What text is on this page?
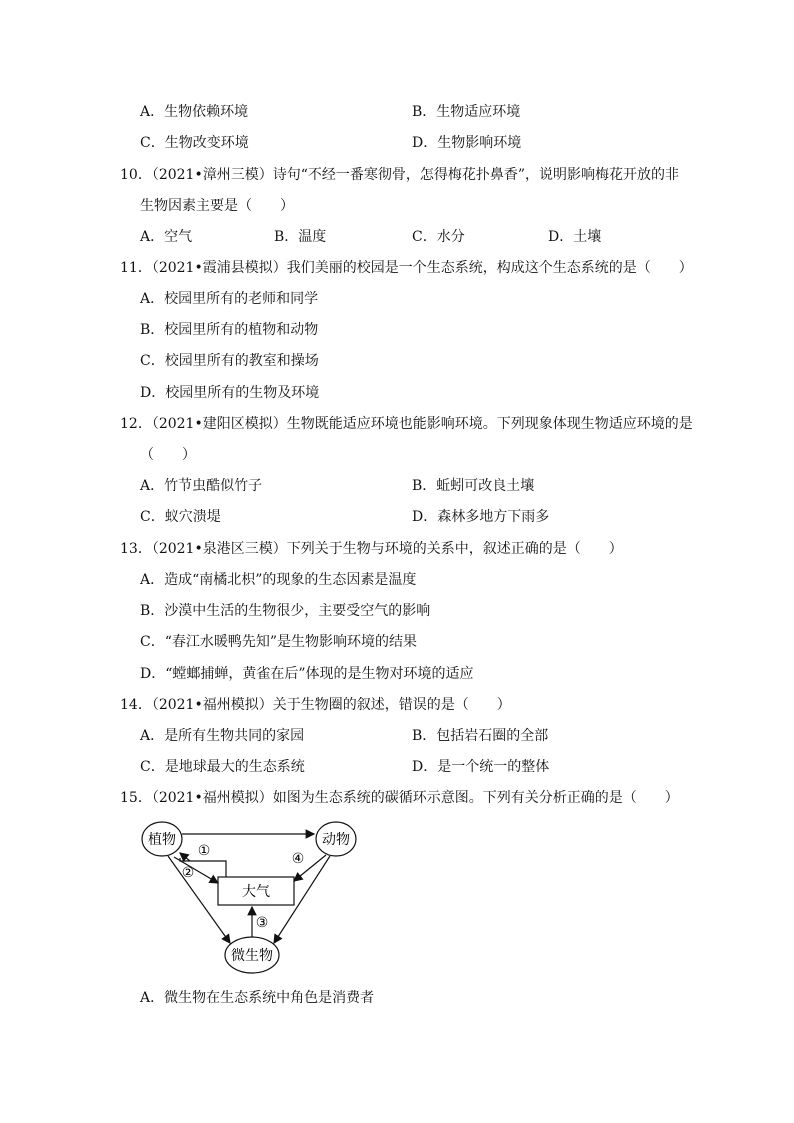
A．生物依赖环境	B．生物适应环境
C．生物改变环境	D．生物影响环境
10．（2021•漳州三模）诗句“不经一番寒彻骨，怎得梅花扑鼻香”，说明影响梅花开放的非
生物因素主要是（　　）
A．空气	B．温度	C．水分	D．土壤
11．（2021•霞浦县模拟）我们美丽的校园是一个生态系统，构成这个生态系统的是（　　）
A．校园里所有的老师和同学
B．校园里所有的植物和动物
C．校园里所有的教室和操场
D．校园里所有的生物及环境
12．（2021•建阳区模拟）生物既能适应环境也能影响环境。下列现象体现生物适应环境的是
（　　）
A．竹节虫酷似竹子	B．蚯蚓可改良土壤
C．蚁穴溃堤	D．森林多地方下雨多
13．（2021•泉港区三模）下列关于生物与环境的关系中，叙述正确的是（　　）
A．造成“南橘北枳”的现象的生态因素是温度
B．沙漠中生活的生物很少，主要受空气的影响
C．“春江水暖鸭先知”是生物影响环境的结果
D．“螳螂捕蝉，黄雀在后”体现的是生物对环境的适应
14．（2021•福州模拟）关于生物圈的叙述，错误的是（　　）
A．是所有生物共同的家园	B．包括岩石圈的全部
C．是地球最大的生态系统	D．是一个统一的整体
15．（2021•福州模拟）如图为生态系统的碳循环示意图。下列有关分析正确的是（　　）
植物	动物
大气
微生物
①
②
③
④
A．微生物在生态系统中角色是消费者
